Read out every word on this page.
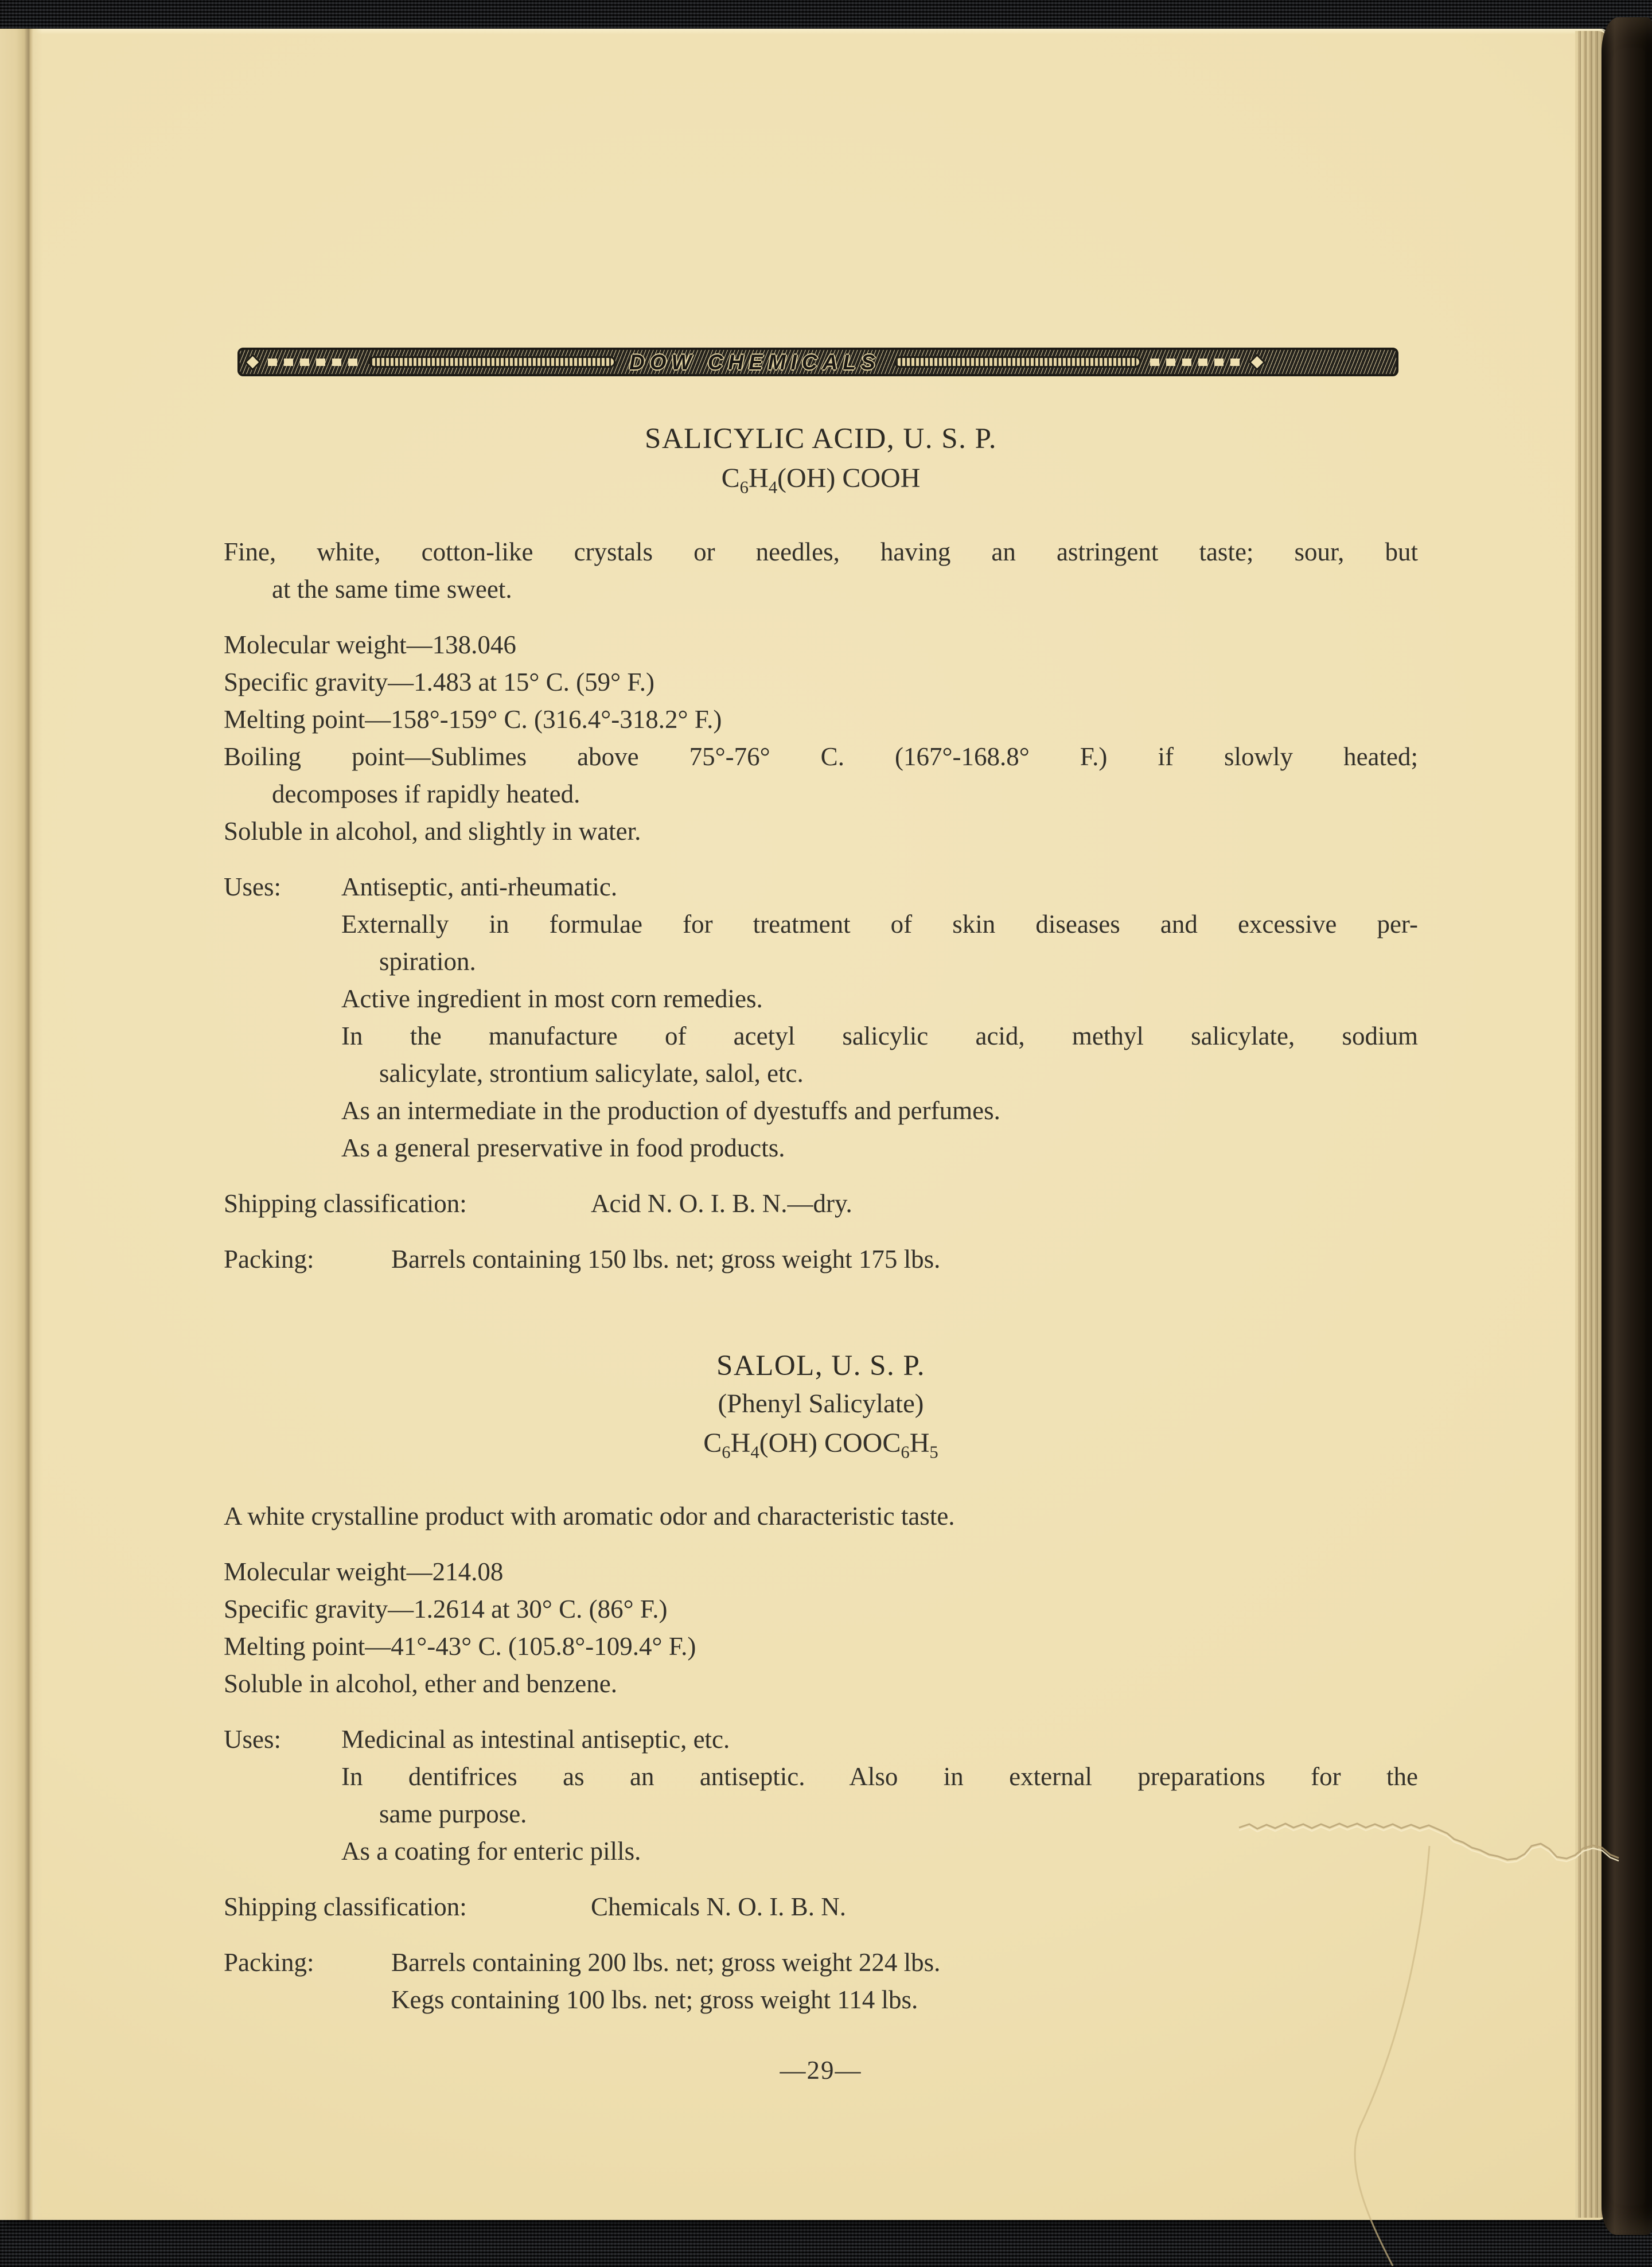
DOW CHEMICALS
SALICYLIC ACID, U. S. P.
$C_6H_4(OH)$ COOH
Fine, white, cotton-like crystals or needles, having an astringent taste; sour, but
at the same time sweet.
Molecular weight—138.046
Specific gravity—1.483 at 15° C. (59° F.)
Melting point—158°-159° C. (316.4°-318.2° F.)
Boiling point—Sublimes above 75°-76° C. (167°-168.8° F.) if slowly heated;
decomposes if rapidly heated.
Soluble in alcohol, and slightly in water.
Uses:	Antiseptic, anti-rheumatic.
Externally in formulae for treatment of skin diseases and excessive per-
spiration.
Active ingredient in most corn remedies.
In the manufacture of acetyl salicylic acid, methyl salicylate, sodium
salicylate, strontium salicylate, salol, etc.
As an intermediate in the production of dyestuffs and perfumes.
As a general preservative in food products.
Shipping classification:	Acid N. O. I. B. N.—dry.
Packing:	Barrels containing 150 lbs. net; gross weight 175 lbs.
SALOL, U. S. P.
(Phenyl Salicylate)
$C_6H_4(OH)$ $COOC_6H_5$
A white crystalline product with aromatic odor and characteristic taste.
Molecular weight—214.08
Specific gravity—1.2614 at 30° C. (86° F.)
Melting point—41°-43° C. (105.8°-109.4° F.)
Soluble in alcohol, ether and benzene.
Uses:	Medicinal as intestinal antiseptic, etc.
In dentifrices as an antiseptic. Also in external preparations for the
same purpose.
As a coating for enteric pills.
Shipping classification:	Chemicals N. O. I. B. N.
Packing:	Barrels containing 200 lbs. net; gross weight 224 lbs.
Kegs containing 100 lbs. net; gross weight 114 lbs.
—29—
